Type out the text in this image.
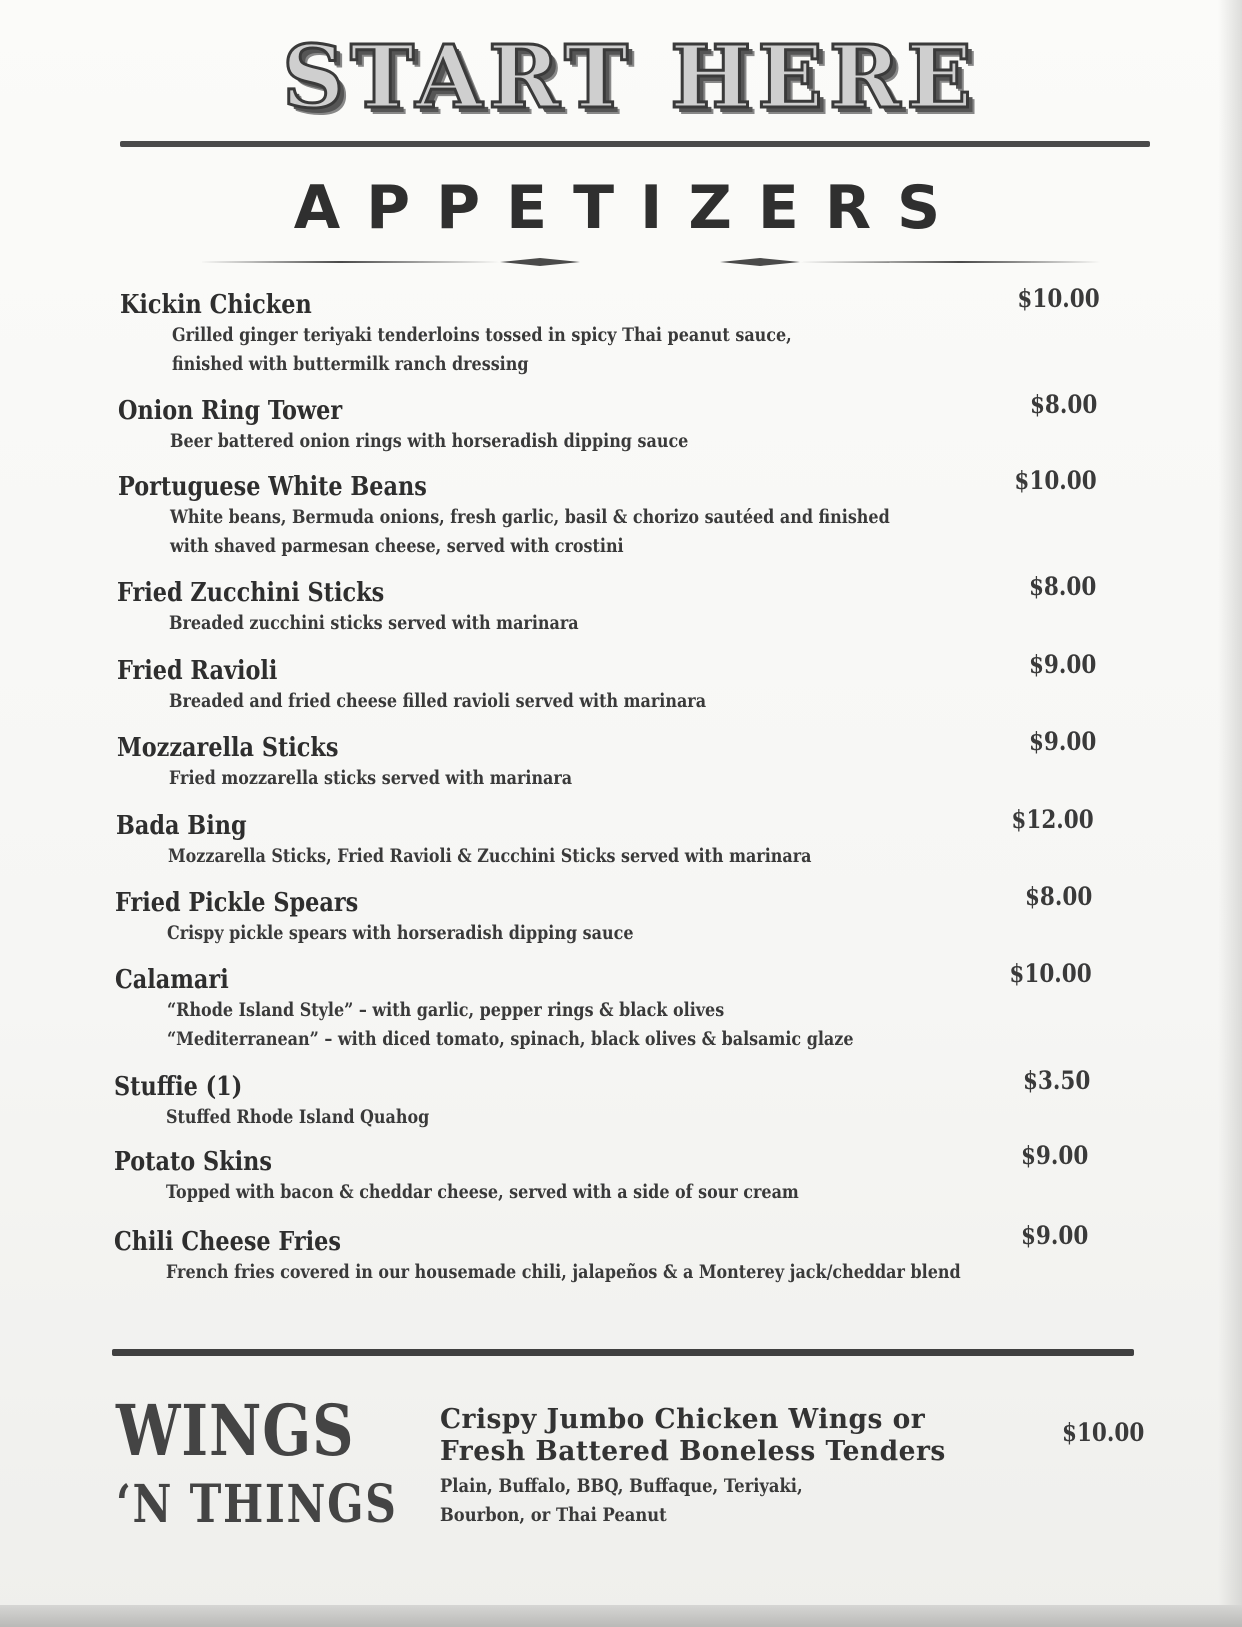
START HERE
APPETIZERS
Kickin Chicken	$10.00
Grilled ginger teriyaki tenderloins tossed in spicy Thai peanut sauce,
finished with buttermilk ranch dressing
Onion Ring Tower	$8.00
Beer battered onion rings with horseradish dipping sauce
Portuguese White Beans	$10.00
White beans, Bermuda onions, fresh garlic, basil & chorizo sautéed and finished
with shaved parmesan cheese, served with crostini
Fried Zucchini Sticks	$8.00
Breaded zucchini sticks served with marinara
Fried Ravioli	$9.00
Breaded and fried cheese filled ravioli served with marinara
Mozzarella Sticks	$9.00
Fried mozzarella sticks served with marinara
Bada Bing	$12.00
Mozzarella Sticks, Fried Ravioli & Zucchini Sticks served with marinara
Fried Pickle Spears	$8.00
Crispy pickle spears with horseradish dipping sauce
Calamari	$10.00
“Rhode Island Style” – with garlic, pepper rings & black olives
“Mediterranean” – with diced tomato, spinach, black olives & balsamic glaze
Stuffie (1)	$3.50
Stuffed Rhode Island Quahog
Potato Skins	$9.00
Topped with bacon & cheddar cheese, served with a side of sour cream
Chili Cheese Fries	$9.00
French fries covered in our housemade chili, jalapeños & a Monterey jack/cheddar blend
WINGS
‘N THINGS
Crispy Jumbo Chicken Wings or
Fresh Battered Boneless Tenders
Plain, Buffalo, BBQ, Buffaque, Teriyaki,
Bourbon, or Thai Peanut
$10.00
